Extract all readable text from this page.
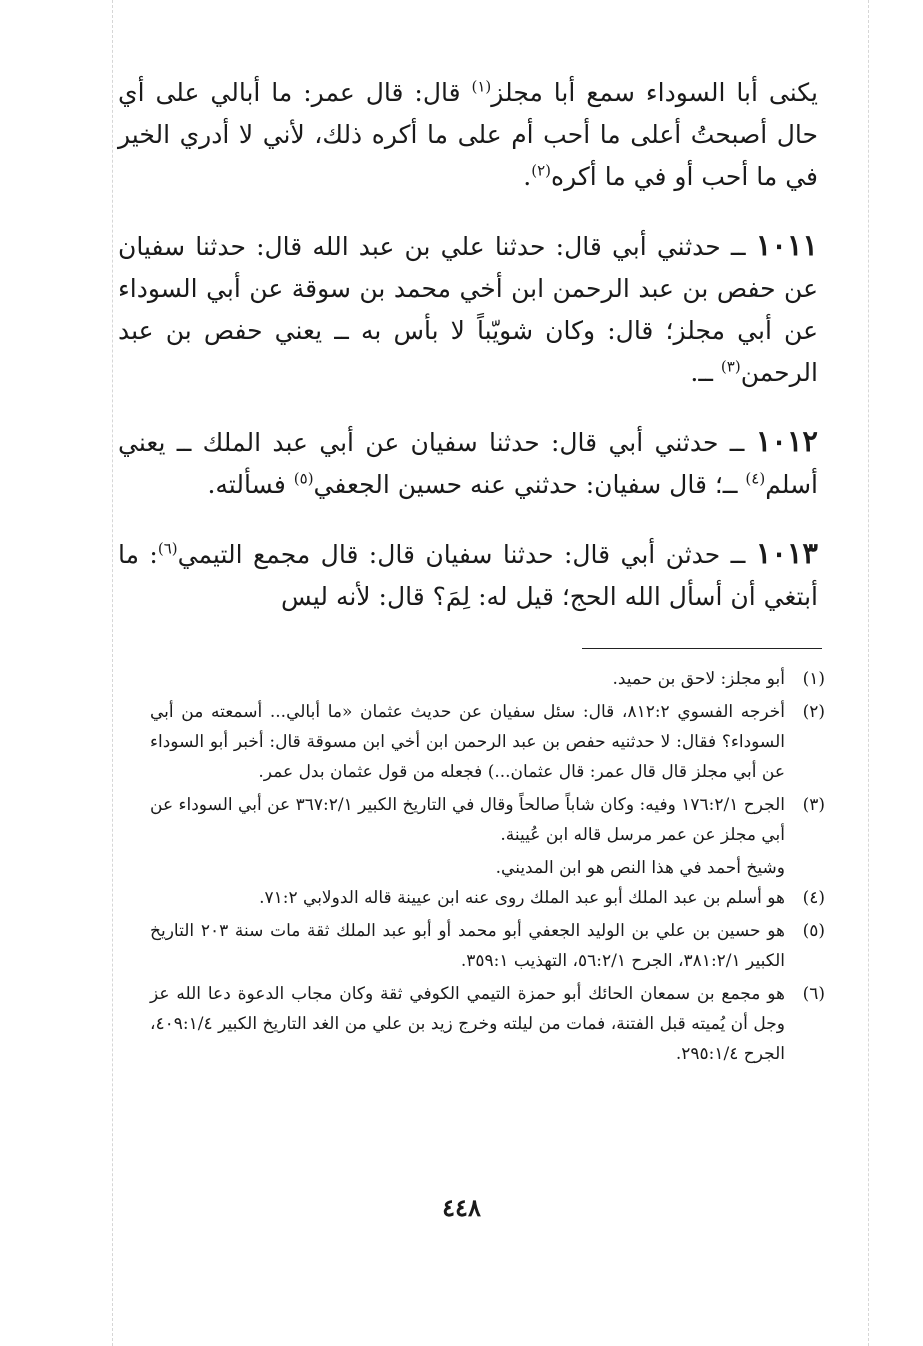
يكنى أبا السوداء سمع أبا مجلز$^{(١)}$ قال: قال عمر: ما أبالي على أي حال أصبحتُ أعلى ما أحب أم على ما أكره ذلك، لأني لا أدري الخير في ما أحب أو في ما أكره$^{(٢)}$.

١٠١١ ــ حدثني أبي قال: حدثنا علي بن عبد الله قال: حدثنا سفيان عن حفص بن عبد الرحمن ابن أخي محمد بن سوقة عن أبي السوداء عن أبي مجلز؛ قال: وكان شويّباً لا بأس به ــ يعني حفص بن عبد الرحمن$^{(٣)}$ ــ.

١٠١٢ ــ حدثني أبي قال: حدثنا سفيان عن أبي عبد الملك ــ يعني أسلم$^{(٤)}$ ــ؛ قال سفيان: حدثني عنه حسين الجعفي$^{(٥)}$ فسألته.

١٠١٣ ــ حدثن أبي قال: حدثنا سفيان قال: قال مجمع التيمي$^{(٦)}$: ما أبتغي أن أسأل الله الحج؛ قيل له: لِمَ؟ قال: لأنه ليس

(١)
أبو مجلز: لاحق بن حميد.
(٢)
أخرجه الفسوي ٨١٢:٢، قال: سئل سفيان عن حديث عثمان «ما أبالي... أسمعته من أبي السوداء؟ فقال: لا حدثنيه حفص بن عبد الرحمن ابن أخي ابن مسوقة قال: أخبر أبو السوداء عن أبي مجلز قال قال عمر: قال عثمان...) فجعله من قول عثمان بدل عمر.
(٣)
الجرح ١٧٦:٢/١ وفيه: وكان شاباً صالحاً وقال في التاريخ الكبير ٣٦٧:٢/١ عن أبي السوداء عن أبي مجلز عن عمر مرسل قاله ابن عُيينة.
وشيخ أحمد في هذا النص هو ابن المديني.
(٤)
هو أسلم بن عبد الملك أبو عبد الملك روى عنه ابن عيينة قاله الدولابي ٧١:٢.
(٥)
هو حسين بن علي بن الوليد الجعفي أبو محمد أو أبو عبد الملك ثقة مات سنة ٢٠٣ التاريخ الكبير ٣٨١:٢/١، الجرح ٥٦:٢/١، التهذيب ٣٥٩:١.
(٦)
هو مجمع بن سمعان الحائك أبو حمزة التيمي الكوفي ثقة وكان مجاب الدعوة دعا الله عز وجل أن يُميته قبل الفتنة، فمات من ليلته وخرج زيد بن علي من الغد التاريخ الكبير ٤٠٩:١/٤، الجرح ٢٩٥:١/٤.
٤٤٨
